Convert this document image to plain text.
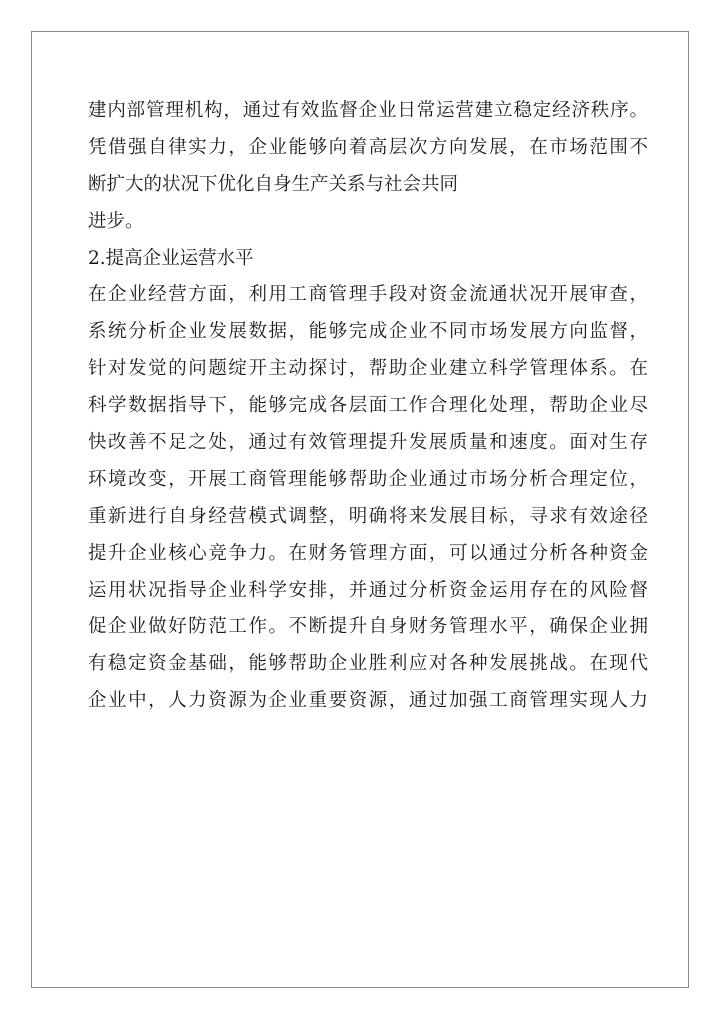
建内部管理机构，通过有效监督企业日常运营建立稳定经济秩序。
凭借强自律实力，企业能够向着高层次方向发展，在市场范围不
断扩大的状况下优化自身生产关系与社会共同
进步。
2.提高企业运营水平
在企业经营方面，利用工商管理手段对资金流通状况开展审查，
系统分析企业发展数据，能够完成企业不同市场发展方向监督，
针对发觉的问题绽开主动探讨，帮助企业建立科学管理体系。在
科学数据指导下，能够完成各层面工作合理化处理，帮助企业尽
快改善不足之处，通过有效管理提升发展质量和速度。面对生存
环境改变，开展工商管理能够帮助企业通过市场分析合理定位，
重新进行自身经营模式调整，明确将来发展目标，寻求有效途径
提升企业核心竞争力。在财务管理方面，可以通过分析各种资金
运用状况指导企业科学安排，并通过分析资金运用存在的风险督
促企业做好防范工作。不断提升自身财务管理水平，确保企业拥
有稳定资金基础，能够帮助企业胜利应对各种发展挑战。在现代
企业中，人力资源为企业重要资源，通过加强工商管理实现人力
